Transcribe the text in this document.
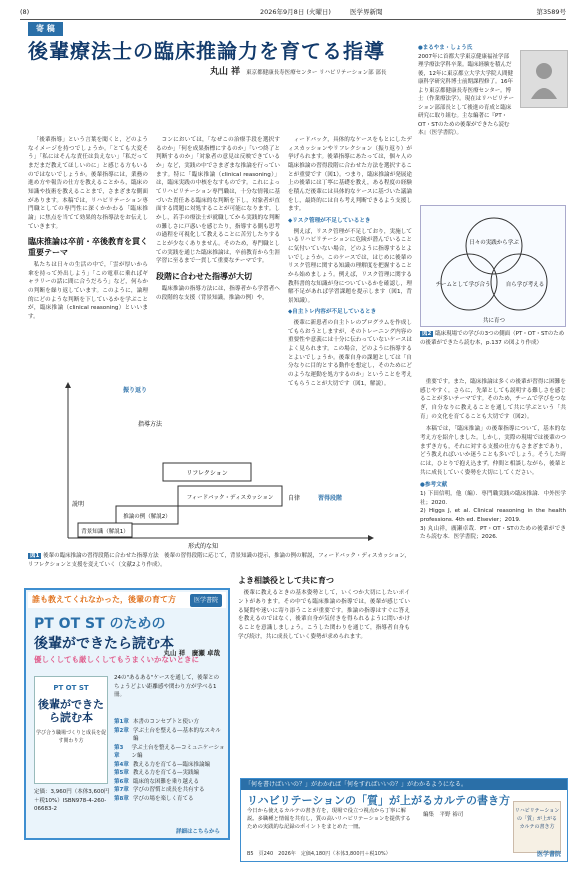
(8)	2026年9月8日 (火曜日)	医学界新聞	第3589号
寄 稿
後輩療法士の臨床推論力を育てる指導
丸山 祥 東京都健康長寿医療センター リハビリテーション部 部長

「後輩指導」という言葉を聞くと，どのようなイメージを持つでしょうか。「とても大変そう」「私にはそんな責任は負えない」「私だってまだまだ教えてほしいのに」と感じる方もいるのではないでしょうか。後輩指導には，業務の進め方や報告の仕方を教えることから，臨床の知識や技術を教えることまで，さまざまな側面があります。本稿では，リハビリテーション専門職としての専門性に深くかかわる「臨床推論」に焦点を当てて効果的な指導法をお伝えしていきます。

臨床推論は卒前・卒後教育を貫く重要テーマ

私たちは日々の生活の中で，「雲が厚いから傘を持って外出しよう」「この電車に乗ればギャラリーの話に間に合うだろう」など，何らかの判断を繰り返しています。このように，論理的にどのような判断を下しているかを学ぶことが，臨床推論（clinical reasoning）といいます。

コンにおいては，「なぜこの治療手段を選択するのか」「何を成果指標にするのか」「いつ終了と判断するのか」「対象者の意見は反映できているか」など，実践の中でさまざまな推論を行っています。特に「臨床推論（clinical reasoning）」は，臨床実践の中核をなすものです。これによってリハビリテーション専門職は，十分な情報に基づいた責任ある臨床的な判断を下し，対象者が直面する問題に対処することが可能になります。しかし，若手の療法士が就職してから実践的な判断の難しさに戸惑いを感じたり，指導する側も思考の過程を可視化して教えることに苦労したりすることが少なくありません。そのため，専門職としての実践を通じた臨床推論は，卒前教育から生涯学習に至るまで一貫して重要なテーマです。

段階に合わせた指導が大切

臨床推論の指導方法には，指導者から学習者への段階的な支援（背景知識，推論の例）や，

ィードバック，具体的なケースをもとにしたディスカッションやリフレクション（振り返り）が挙げられます。後輩指導にあたっては，個々人の臨床推論の習得段階に合わせた方法を選択することが重要です（図1）。つまり，臨床推論が発展途上の後輩には丁寧に基礎を教え，ある程度の経験を積んだ後輩には具体的なケースに基づいた議論をし，最終的には自ら考え判断できるよう支援します。

◆リスク管理が不足しているとき

例えば，リスク管理が不足しており，実施しているリハビリテーションに危険が潜んでいることに気付いていない場合，どのように指導するとよいでしょうか。このケースでは，はじめに後輩のリスク管理に関する知識の理解度を把握することから始めましょう。例えば，リスク管理に関する教科書的な知識が身についているかを確認し，理解不足があれば学習課題を提示します（図1，背景知識）。

◆自主トレ内容が不足しているとき

後輩に新患者の自主トレのプログラムを作成してもらおうとしますが，そのトレーニング内容の重要性や意義には十分に伝わっていないケースはよく見られます。この場合，どのように指導するとよいでしょうか。後輩自身の課題としては「自分なりに目的とする動作を想定し，そのためにどのような運動を処方するのか」ということを考えてもらうことが大切です（図1，解説）。

●まるやま・しょう氏
2007年に首都大学東京健康福祉学部理学療法学科卒業。臨床経験を積んだ後，12年に東京都立大学大学院人間健康科学研究科博士前期課程修了。16年より東京都健康長寿医療センター。博士（作業療法学）。現在はリハビリテーション部部長として後進の育成と臨床研究に取り組む。主な編著に『PT・OT・STのための後輩ができたら読む本』（医学書院）。
日々の実践から学ぶ
チームとして学び合う	自ら学び考える
共に育つ
図2 臨床現場での学びの3つの側面（PT・OT・STのための後輩ができたら読む本，p.137 の図より作成）

重要です。また，臨床推論は多くの後輩が習得に困難を感じやすく，さらに，先輩としても説明する難しさを感じることが多いテーマです。そのため，チームで学びをつなぎ，自分なりに教えることを通して共に学ぶという「共育」の文化を育てることも大切です（図2）。

本稿では，「臨床推論」の後輩指導について，基本的な考え方を紹介しました。しかし，実際の現場では後輩のつまずき方も，それに対する支援の仕方もさまざまであり，どう教えればいいか迷うことも多いでしょう。そうした時には，ひとりで抱え込まず，仲間と相談しながら，後輩と共に成長していく姿勢を大切にしてください。

●参考文献
1) 下田信明，他（編）．専門職実践の臨床推論．中外医学社；2020．
2) Higgs J, et al. Clinical reasoning in the health professions. 4th ed. Elsevier；2019.
3) 丸山祥，廣瀬卓哉．PT・OT・STのための後輩ができたら読む本．医学書院；2026．
振り返り
指導方法
リフレクション
フィードバック・ディスカッション
推論の例（解説2）
背景知識（解説1）
自律	習得段階
説明
形式的な知
図1 後輩の臨床推論の習得段階に合わせた指導方法　後輩の習得段階に応じて，背景知識の提示，推論の例の解説，フィードバック・ディスカッション，リフレクションと支援を変えていく（文献2より作成）。
よき相談役として共に育つ

後輩に教えるときの基本姿勢として，いくつか大切にしたいポイントがあります。その中でも臨床推論の指導では，後輩が感じている疑問や迷いに寄り添うことが重要です。推論の指導はすぐに答えを教えるのではなく，後輩自身が気付きを得られるように問いかけることを意識しましょう。こうした関わりを通じて，指導者自身も学び続け，共に成長していく姿勢が求められます。

誰も教えてくれなかった，後輩の育て方	医学書院
PT OT ST のための
後輩ができたら読む本
優しくしても厳しくしてもうまくいかないときに
丸山 祥　廣瀬 卓哉
PT OT ST
後輩ができたら読む本
学び合う職場づくりと成長を促す関わり方
24の"あるある"ケースを通して，後輩とのちょうどよい距離感や関わり方が学べる1冊。
第1章 本書のコンセプトと使い方
第2章 学ぶ土台を整える—基本的なスキル編
第3章
学ぶ土台を整える—コミュニケーション編
第4章 教える力を育てる—臨床推論編
第5章 教える力を育てる—実践編
第6章 臨床的な困難を乗り越える
第7章 学びの習慣と成長を共有する
第8章 学びの場を楽しく育てる
定価：3,960円（本体3,600円＋税10%）ISBN978-4-260-06683-2
詳細はこちらから
「何を書けばいいの？」がわかれば「何をすればいいの？」がわかるようになる。
リハビリテーションの「質」が上がるカルテの書き方
今日から使えるカルテの書き方を，現場で役立つ視点から丁寧に解説。多職種と情報を共有し，質の高いリハビリテーションを提供するための実践的な記録のポイントをまとめた一冊。
編集　平野 裕司
リハビリテーションの「質」が上がる カルテの書き方
B5　頁240　2026年　定価4,180円（本体3,800円＋税10%）	医学書院
